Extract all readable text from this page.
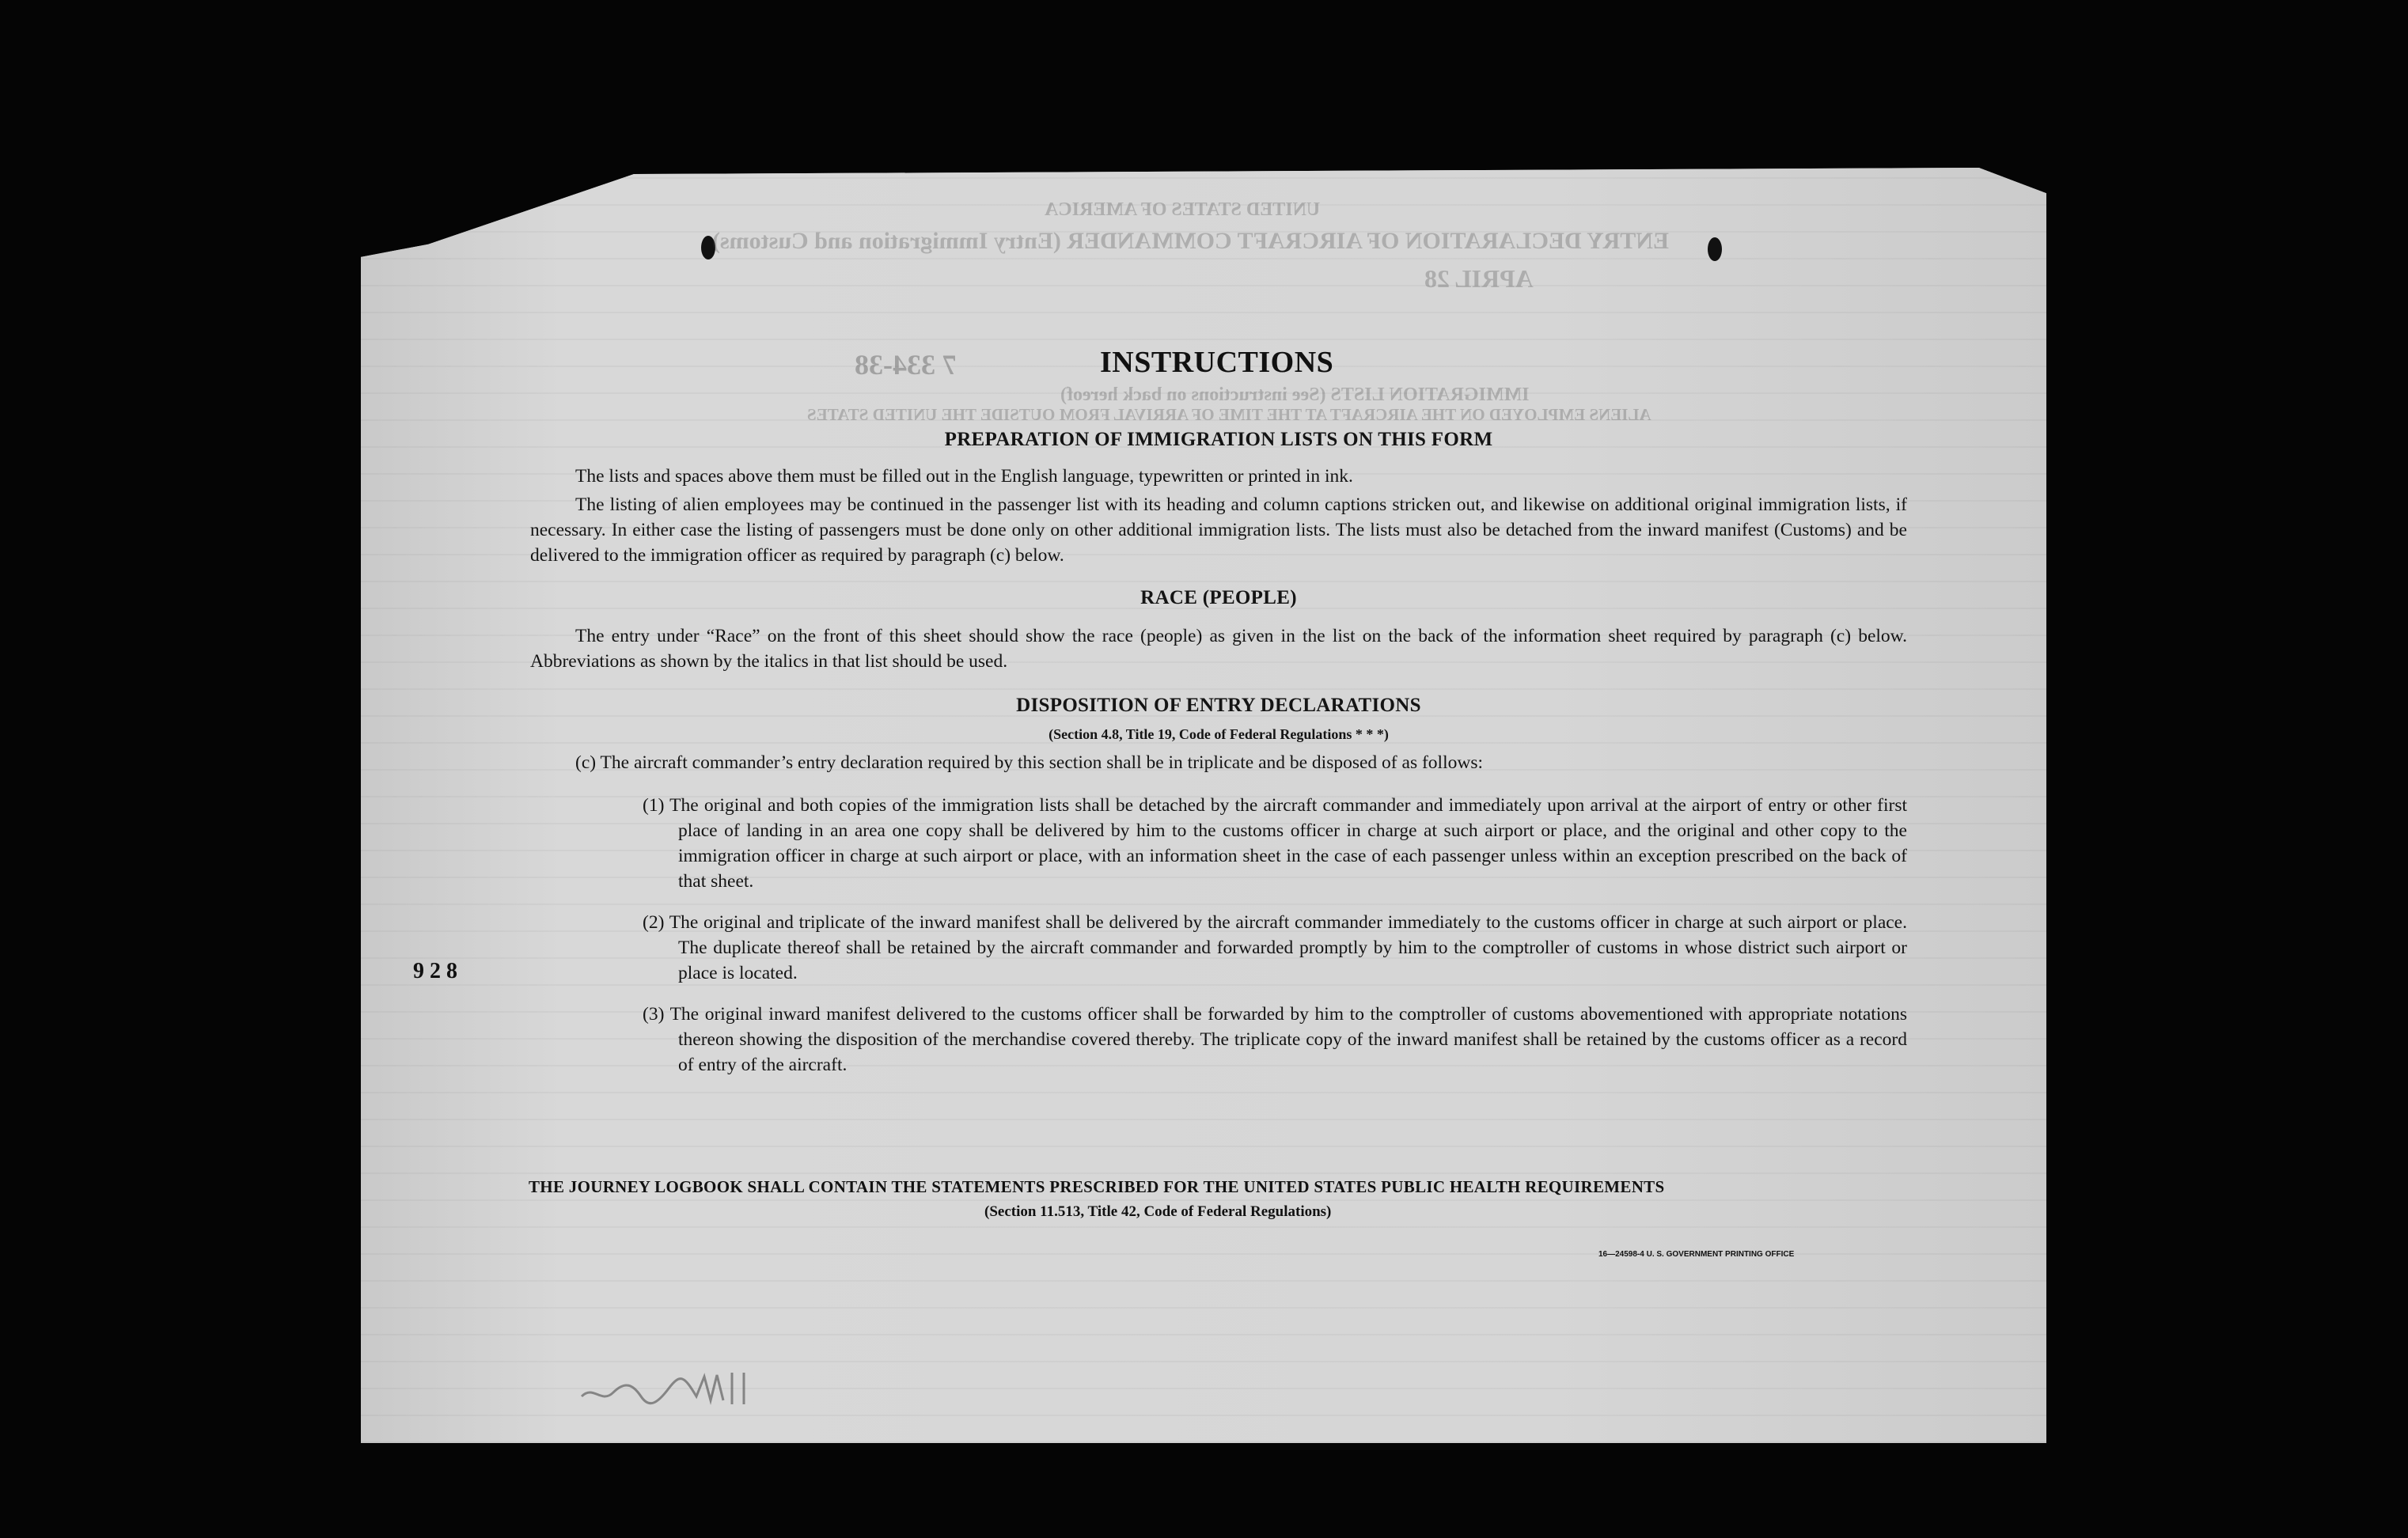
UNITED STATES OF AMERICA
ENTRY DECLARATION OF AIRCRAFT COMMANDER (Entry Immigration and Customs)
APRIL 28
IMMIGRATION LISTS (See instructions on back hereof)
ALIENS EMPLOYED ON THE AIRCRAFT AT THE TIME OF ARRIVAL FROM OUTSIDE THE UNITED STATES
7 334-38	INSTRUCTIONS
PREPARATION OF IMMIGRATION LISTS ON THIS FORM

The lists and spaces above them must be filled out in the English language, typewritten or printed in ink.

The listing of alien employees may be continued in the passenger list with its heading and column captions stricken out, and likewise on additional original immigration lists, if necessary. In either case the listing of passengers must be done only on other additional immigration lists. The lists must also be detached from the inward manifest (Customs) and be delivered to the immigration officer as required by paragraph (c) below.

RACE (PEOPLE)

The entry under “Race” on the front of this sheet should show the race (people) as given in the list on the back of the information sheet required by paragraph (c) below. Abbreviations as shown by the italics in that list should be used.

DISPOSITION OF ENTRY DECLARATIONS
(Section 4.8, Title 19, Code of Federal Regulations * * *)

(c) The aircraft commander’s entry declaration required by this section shall be in triplicate and be disposed of as follows:

(1) The original and both copies of the immigration lists shall be detached by the aircraft commander and immediately upon arrival at the airport of entry or other first place of landing in an area one copy shall be delivered by him to the customs officer in charge at such airport or place, and the original and other copy to the immigration officer in charge at such airport or place, with an information sheet in the case of each passenger unless within an exception prescribed on the back of that sheet.

(2) The original and triplicate of the inward manifest shall be delivered by the aircraft commander immediately to the customs officer in charge at such airport or place. The duplicate thereof shall be retained by the aircraft commander and forwarded promptly by him to the comptroller of customs in whose district such airport or place is located.

(3) The original inward manifest delivered to the customs officer shall be forwarded by him to the comptroller of customs abovementioned with appropriate notations thereon showing the disposition of the merchandise covered thereby. The triplicate copy of the inward manifest shall be retained by the customs officer as a record of entry of the aircraft.

THE JOURNEY LOGBOOK SHALL CONTAIN THE STATEMENTS PRESCRIBED FOR THE UNITED STATES PUBLIC HEALTH REQUIREMENTS
(Section 11.513, Title 42, Code of Federal Regulations)
16—24598-4 U. S. GOVERNMENT PRINTING OFFICE
9 2 8
